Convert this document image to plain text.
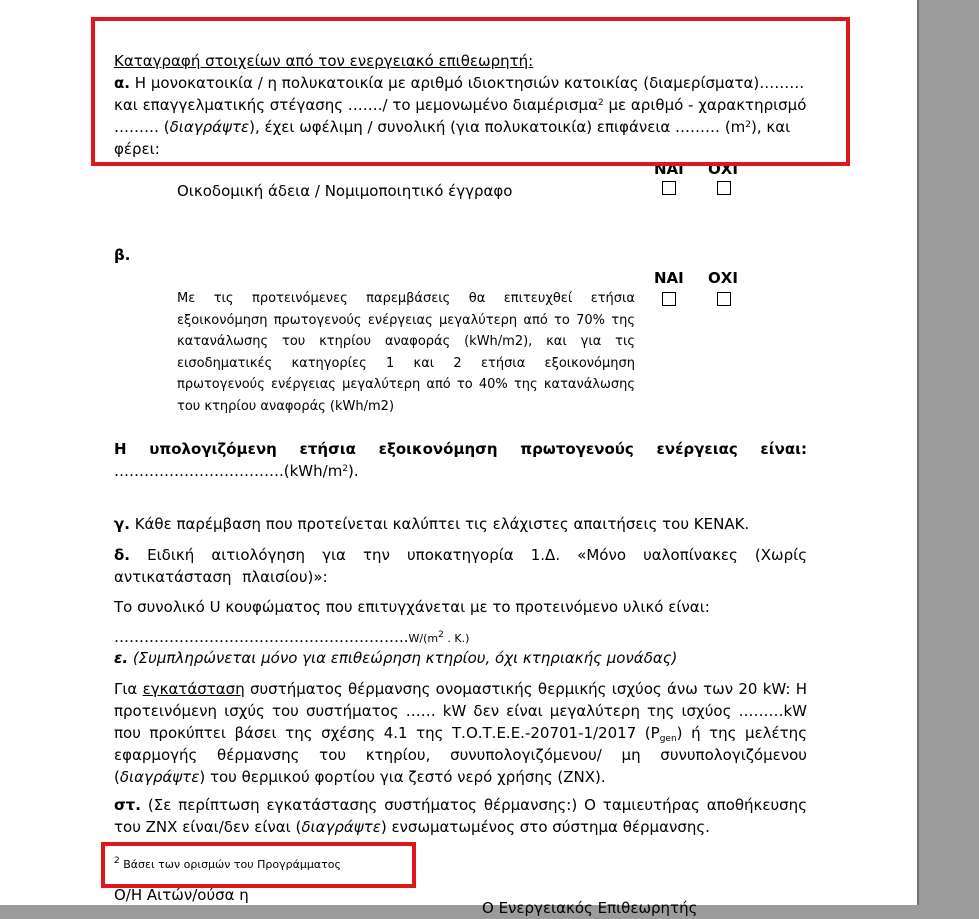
Καταγραφή στοιχείων από τον ενεργειακό επιθεωρητή:
α. Η μονοκατοικία / η πολυκατοικία με αριθμό ιδιοκτησιών κατοικίας (διαμερίσματα)………
και επαγγελματικής στέγασης ……./ το μεμονωμένο διαμέρισμα$^2$ με αριθμό - χαρακτηρισμό
……… (διαγράψτε), έχει ωφέλιμη / συνολική (για πολυκατοικία) επιφάνεια ……… $(m^2)$, και
φέρει:
ΝΑΙ ΟΧΙ
Οικοδομική άδεια / Νομιμοποιητικό έγγραφο
β.
ΝΑΙ ΟΧΙ
Με τις προτεινόμενες παρεμβάσεις θα επιτευχθεί ετήσια εξοικονόμηση πρωτογενούς ενέργειας μεγαλύτερη από το 70% της κατανάλωσης του κτηρίου αναφοράς (kWh/m2), και για τις εισοδηματικές κατηγορίες 1 και 2 ετήσια εξοικονόμηση πρωτογενούς ενέργειας μεγαλύτερη από το 40% της κατανάλωσης του κτηρίου αναφοράς (kWh/m2)
Η υπολογιζόμενη ετήσια εξοικονόμηση πρωτογενούς ενέργειας είναι:
$\dots\dots\dots\dots\dots\dots\dots\dots\dots\dots\dots.(kWh/m^2)$.
γ. Κάθε παρέμβαση που προτείνεται καλύπτει τις ελάχιστες απαιτήσεις του ΚΕΝΑΚ.
δ. Ειδική αιτιολόγηση για την υποκατηγορία 1.Δ. «Μόνο υαλοπίνακες (Χωρίς αντικατάσταση πλαισίου)»:
Το συνολικό U κουφώματος που επιτυγχάνεται με το προτεινόμενο υλικό είναι:
$\dots\dots\dots\dots\dots\dots\dots\dots\dots\dots\dots\dots\dots\dots\dots\dots\dots\dots\dots..W/(m^2$ . K.)
ε. (Συμπληρώνεται μόνο για επιθεώρηση κτηρίου, όχι κτηριακής μονάδας)
Για εγκατάσταση συστήματος θέρμανσης ονομαστικής θερμικής ισχύος άνω των 20 kW: Η προτεινόμενη ισχύς του συστήματος …… kW δεν είναι μεγαλύτερη της ισχύος ………kW που προκύπτει βάσει της σχέσης 4.1 της Τ.Ο.Τ.Ε.Ε.-20701-1/2017 $(P_{gen})$ ή της μελέτης εφαρμογής θέρμανσης του κτηρίου, συνυπολογιζόμενου/ μη συνυπολογιζόμενου (διαγράψτε) του θερμικού φορτίου για ζεστό νερό χρήσης (ΖΝΧ).
στ. (Σε περίπτωση εγκατάστασης συστήματος θέρμανσης:) Ο ταμιευτήρας αποθήκευσης του ΖΝΧ είναι/δεν είναι (διαγράψτε) ενσωματωμένος στο σύστημα θέρμανσης.
$^2$ Βάσει των ορισμών του Προγράμματος
Ο/Η Αιτών/ούσα η
Ο Ενεργειακός Επιθεωρητής
